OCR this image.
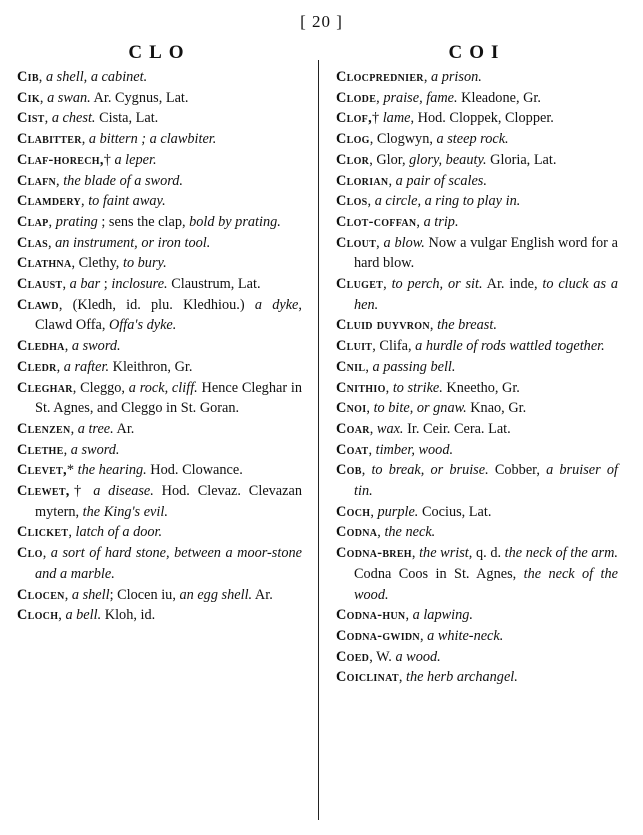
[ 20 ]
CLO

Cib, a shell, a cabinet.

Cik, a swan. Ar. Cygnus, Lat.

Cist, a chest. Cista, Lat.

Clabitter, a bittern ; a clawbiter.

Claf-horech,† a leper.

Clafn, the blade of a sword.

Clamdery, to faint away.

Clap, prating ; sens the clap, bold by prating.

Clas, an instrument, or iron tool.

Clathna, Clethy, to bury.

Claust, a bar ; inclosure. Claustrum, Lat.

Clawd, (Kledh, id. plu. Kledhiou.) a dyke, Clawd Offa, Offa's dyke.

Cledha, a sword.

Cledr, a rafter. Kleithron, Gr.

Cleghar, Cleggo, a rock, cliff. Hence Cleghar in St. Agnes, and Cleggo in St. Goran.

Clenzen, a tree. Ar.

Clethe, a sword.

Clevet,* the hearing. Hod. Clowance.

Clewet,† a disease. Hod. Clevaz. Clevazan mytern, the King's evil.

Clicket, latch of a door.

Clo, a sort of hard stone, between a moor-stone and a marble.

Clocen, a shell; Clocen iu, an egg shell. Ar.

Cloch, a bell. Kloh, id.

COI

Clocprednier, a prison.

Clode, praise, fame. Kleadone, Gr.

Clof,† lame, Hod. Cloppek, Clopper.

Clog, Clogwyn, a steep rock.

Clor, Glor, glory, beauty. Gloria, Lat.

Clorian, a pair of scales.

Clos, a circle, a ring to play in.

Clot-coffan, a trip.

Clout, a blow. Now a vulgar English word for a hard blow.

Cluget, to perch, or sit. Ar. inde, to cluck as a hen.

Cluid duyvron, the breast.

Cluit, Clifa, a hurdle of rods wattled together.

Cnil, a passing bell.

Cnithio, to strike. Kneetho, Gr.

Cnoi, to bite, or gnaw. Knao, Gr.

Coar, wax. Ir. Ceir. Cera. Lat.

Coat, timber, wood.

Cob, to break, or bruise. Cobber, a bruiser of tin.

Coch, purple. Cocius, Lat.

Codna, the neck.

Codna-breh, the wrist, q. d. the neck of the arm. Codna Coos in St. Agnes, the neck of the wood.

Codna-hun, a lapwing.

Codna-gwidn, a white-neck.

Coed, W. a wood.

Coiclinat, the herb archangel.
